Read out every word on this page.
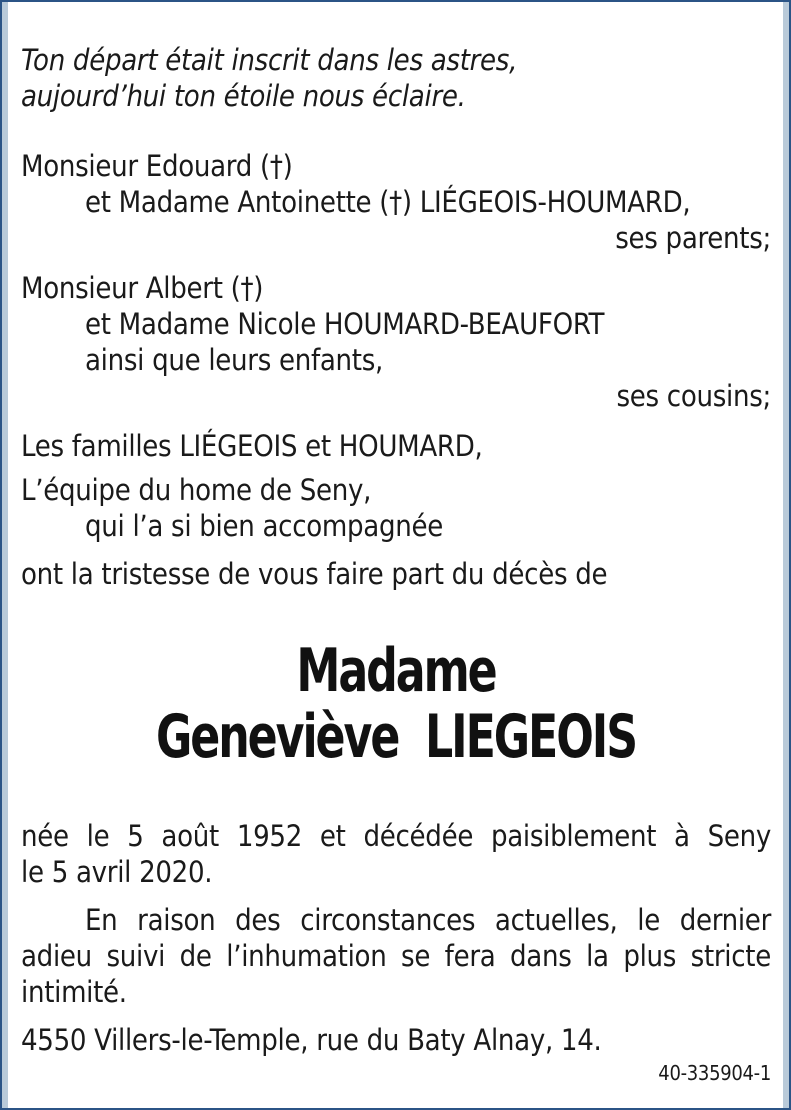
Ton départ était inscrit dans les astres,
aujourd’hui ton étoile nous éclaire.
Monsieur Edouard (†)
et Madame Antoinette (†) LIÉGEOIS-HOUMARD,
ses parents;
Monsieur Albert (†)
et Madame Nicole HOUMARD-BEAUFORT
ainsi que leurs enfants,
ses cousins;
Les familles LIÉGEOIS et HOUMARD,
L’équipe du home de Seny,
qui l’a si bien accompagnée
ont la tristesse de vous faire part du décès de
Madame
Geneviève  LIEGEOIS
née le 5 août 1952 et décédée paisiblement à Seny
le 5 avril 2020.
En raison des circonstances actuelles, le dernier adieu suivi de l’inhumation se fera dans la plus stricte intimité.
4550 Villers-le-Temple, rue du Baty Alnay, 14.
40-335904-1
